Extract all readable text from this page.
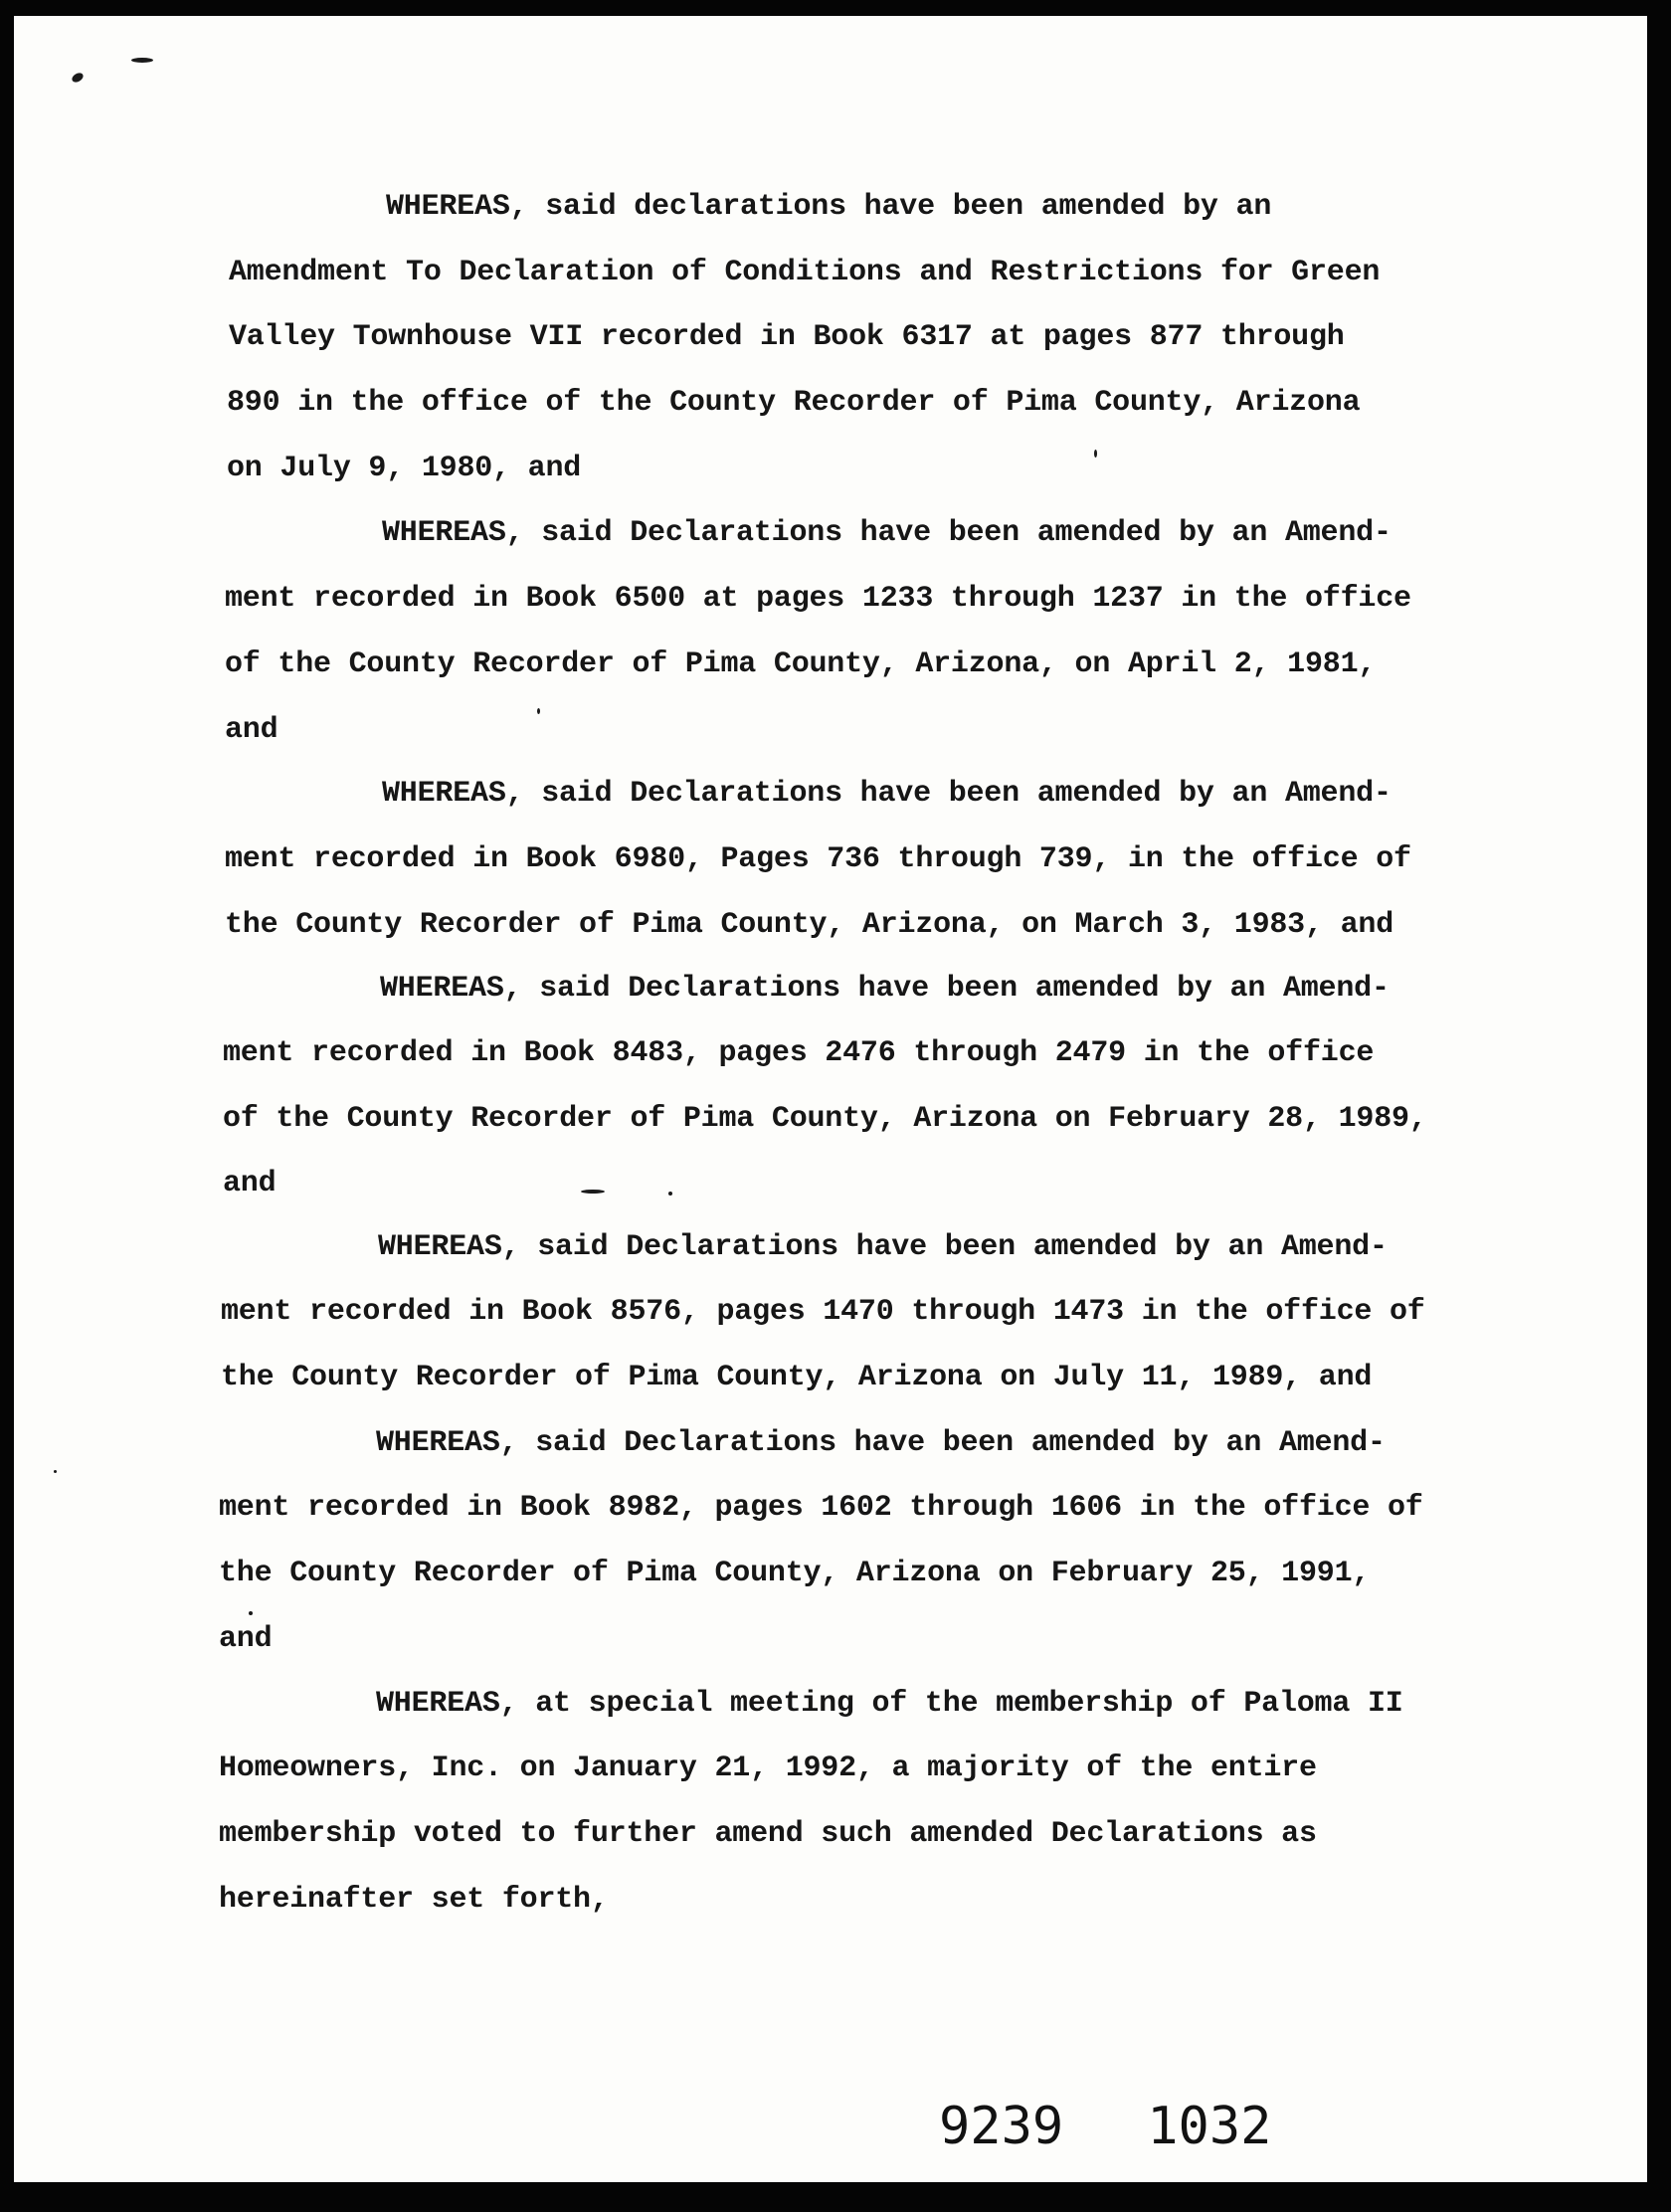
WHEREAS, said declarations have been amended by an

Amendment To Declaration of Conditions and Restrictions for Green

Valley Townhouse VII recorded in Book 6317 at pages 877 through

890 in the office of the County Recorder of Pima County, Arizona

on July 9, 1980, and

WHEREAS, said Declarations have been amended by an Amend-

ment recorded in Book 6500 at pages 1233 through 1237 in the office

of the County Recorder of Pima County, Arizona, on April 2, 1981,

and

WHEREAS, said Declarations have been amended by an Amend-

ment recorded in Book 6980, Pages 736 through 739, in the office of

the County Recorder of Pima County, Arizona, on March 3, 1983, and

WHEREAS, said Declarations have been amended by an Amend-

ment recorded in Book 8483, pages 2476 through 2479 in the office

of the County Recorder of Pima County, Arizona on February 28, 1989,

and

WHEREAS, said Declarations have been amended by an Amend-

ment recorded in Book 8576, pages 1470 through 1473 in the office of

the County Recorder of Pima County, Arizona on July 11, 1989, and

WHEREAS, said Declarations have been amended by an Amend-

ment recorded in Book 8982, pages 1602 through 1606 in the office of

the County Recorder of Pima County, Arizona on February 25, 1991,

and

WHEREAS, at special meeting of the membership of Paloma II

Homeowners, Inc. on January 21, 1992, a majority of the entire

membership voted to further amend such amended Declarations as

hereinafter set forth,

9239 1032
